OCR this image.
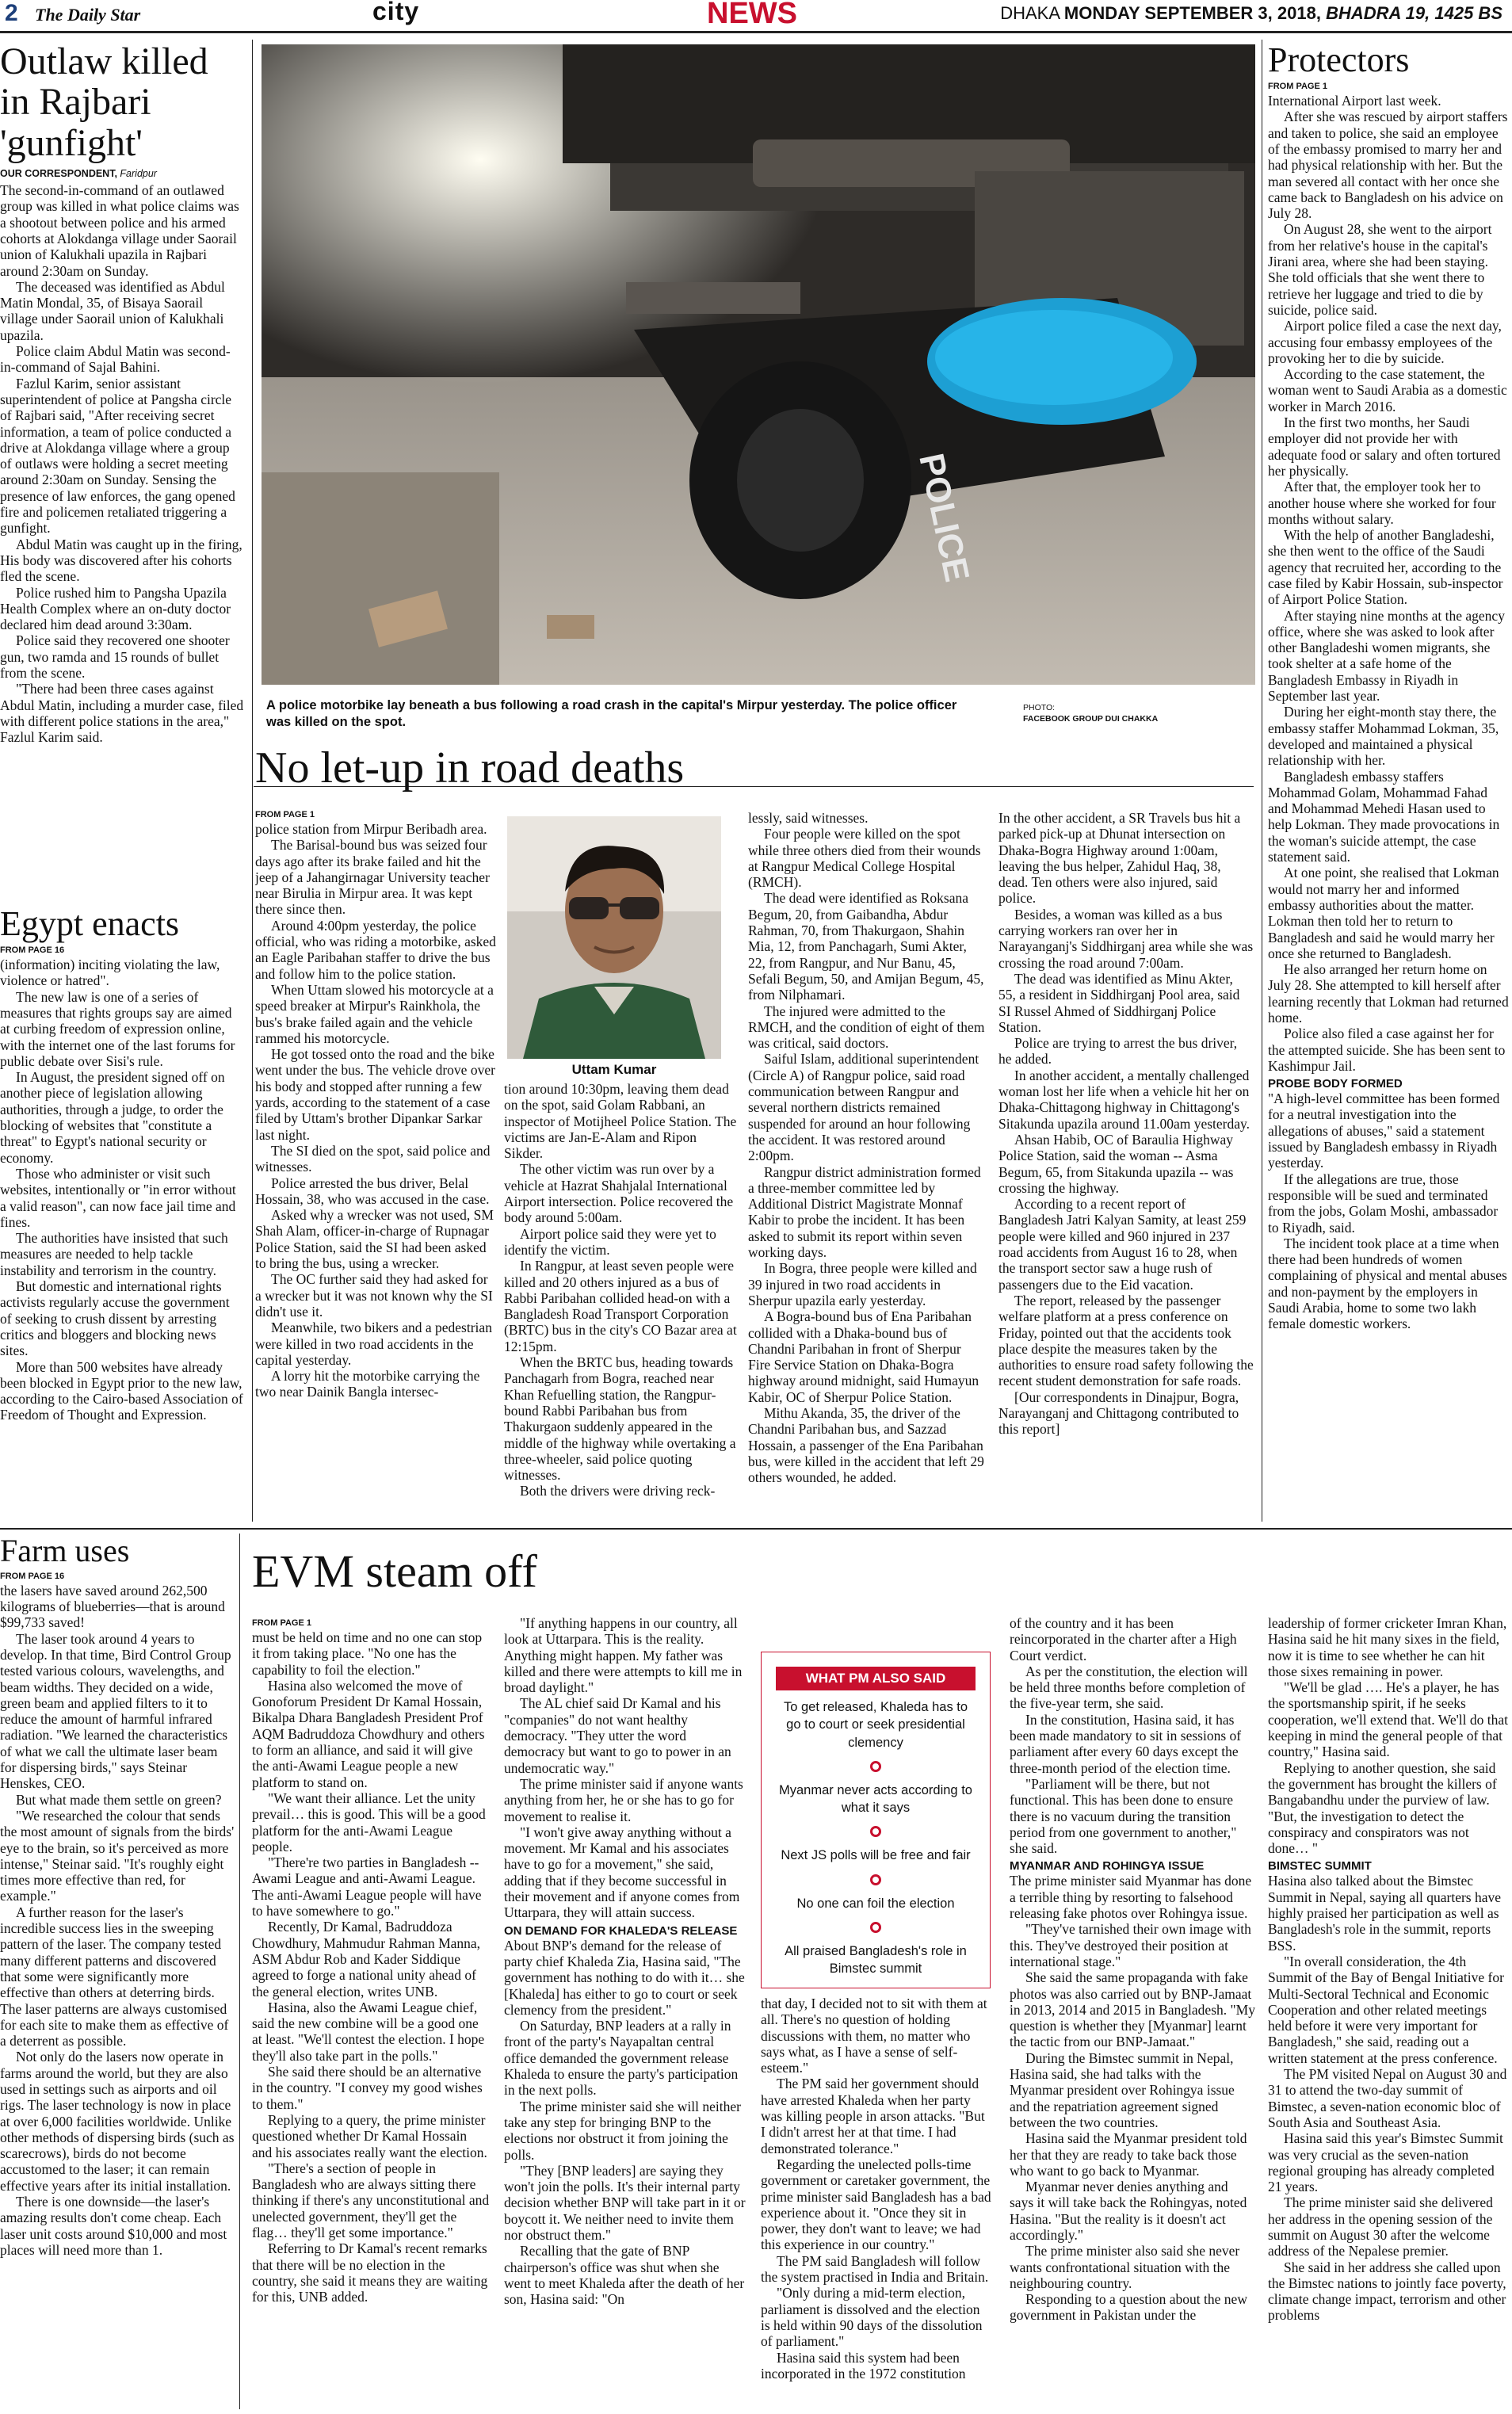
2 The Daily Star	city	NEWS	DHAKA MONDAY SEPTEMBER 3, 2018, BHADRA 19, 1425 BS
Outlaw killed in Rajbari 'gunfight'
OUR CORRESPONDENT, Faridpur

The second-in-command of an outlawed group was killed in what police claims was a shootout between police and his armed cohorts at Alokdanga village under Saorail union of Kalukhali upazila in Rajbari around 2:30am on Sunday.

The deceased was identified as Abdul Matin Mondal, 35, of Bisaya Saorail village under Saorail union of Kalukhali upazila.

Police claim Abdul Matin was second-in-command of Sajal Bahini.

Fazlul Karim, senior assistant superintendent of police at Pangsha circle of Rajbari said, "After receiving secret information, a team of police conducted a drive at Alokdanga village where a group of outlaws were holding a secret meeting around 2:30am on Sunday. Sensing the presence of law enforces, the gang opened fire and policemen retaliated triggering a gunfight.

Abdul Matin was caught up in the firing, His body was discovered after his cohorts fled the scene.

Police rushed him to Pangsha Upazila Health Complex where an on-duty doctor declared him dead around 3:30am.

Police said they recovered one shooter gun, two ramda and 15 rounds of bullet from the scene.

"There had been three cases against Abdul Matin, including a murder case, filed with different police stations in the area," Fazlul Karim said.

Egypt enacts
FROM PAGE 16

(information) inciting violating the law, violence or hatred".

The new law is one of a series of measures that rights groups say are aimed at curbing freedom of expression online, with the internet one of the last forums for public debate over Sisi's rule.

In August, the president signed off on another piece of legislation allowing authorities, through a judge, to order the blocking of websites that "constitute a threat" to Egypt's national security or economy.

Those who administer or visit such websites, intentionally or "in error without a valid reason", can now face jail time and fines.

The authorities have insisted that such measures are needed to help tackle instability and terrorism in the country.

But domestic and international rights activists regularly accuse the government of seeking to crush dissent by arresting critics and bloggers and blocking news sites.

More than 500 websites have already been blocked in Egypt prior to the new law, according to the Cairo-based Association of Freedom of Thought and Expression.

POLICE
A police motorbike lay beneath a bus following a road crash in the capital's Mirpur yesterday. The police officer was killed on the spot.
PHOTO:
FACEBOOK GROUP DUI CHAKKA
No let-up in road deaths
FROM PAGE 1

police station from Mirpur Beribadh area.

The Barisal-bound bus was seized four days ago after its brake failed and hit the jeep of a Jahangirnagar University teacher near Birulia in Mirpur area. It was kept there since then.

Around 4:00pm yesterday, the police official, who was riding a motorbike, asked an Eagle Paribahan staffer to drive the bus and follow him to the police station.

When Uttam slowed his motorcycle at a speed breaker at Mirpur's Rainkhola, the bus's brake failed again and the vehicle rammed his motorcycle.

He got tossed onto the road and the bike went under the bus. The vehicle drove over his body and stopped after running a few yards, according to the statement of a case filed by Uttam's brother Dipankar Sarkar last night.

The SI died on the spot, said police and witnesses.

Police arrested the bus driver, Belal Hossain, 38, who was accused in the case.

Asked why a wrecker was not used, SM Shah Alam, officer-in-charge of Rupnagar Police Station, said the SI had been asked to bring the bus, using a wrecker.

The OC further said they had asked for a wrecker but it was not known why the SI didn't use it.

Meanwhile, two bikers and a pedestrian were killed in two road accidents in the capital yesterday.

A lorry hit the motorbike carrying the two near Dainik Bangla intersec-

Uttam Kumar

tion around 10:30pm, leaving them dead on the spot, said Golam Rabbani, an inspector of Motijheel Police Station. The victims are Jan-E-Alam and Ripon Sikder.

The other victim was run over by a vehicle at Hazrat Shahjalal International Airport intersection. Police recovered the body around 5:00am.

Airport police said they were yet to identify the victim.

In Rangpur, at least seven people were killed and 20 others injured as a bus of Rabbi Paribahan collided head-on with a Bangladesh Road Transport Corporation (BRTC) bus in the city's CO Bazar area at 12:15pm.

When the BRTC bus, heading towards Panchagarh from Bogra, reached near Khan Refuelling station, the Rangpur-bound Rabbi Paribahan bus from Thakurgaon suddenly appeared in the middle of the highway while overtaking a three-wheeler, said police quoting witnesses.

Both the drivers were driving reck-

lessly, said witnesses.

Four people were killed on the spot while three others died from their wounds at Rangpur Medical College Hospital (RMCH).

The dead were identified as Roksana Begum, 20, from Gaibandha, Abdur Rahman, 70, from Thakurgaon, Shahin Mia, 12, from Panchagarh, Sumi Akter, 22, from Rangpur, and Nur Banu, 45, Sefali Begum, 50, and Amijan Begum, 45, from Nilphamari.

The injured were admitted to the RMCH, and the condition of eight of them was critical, said doctors.

Saiful Islam, additional superintendent (Circle A) of Rangpur police, said road communication between Rangpur and several northern districts remained suspended for around an hour following the accident. It was restored around 2:00pm.

Rangpur district administration formed a three-member committee led by Additional District Magistrate Monnaf Kabir to probe the incident. It has been asked to submit its report within seven working days.

In Bogra, three people were killed and 39 injured in two road accidents in Sherpur upazila early yesterday.

A Bogra-bound bus of Ena Paribahan collided with a Dhaka-bound bus of Chandni Paribahan in front of Sherpur Fire Service Station on Dhaka-Bogra highway around midnight, said Humayun Kabir, OC of Sherpur Police Station.

Mithu Akanda, 35, the driver of the Chandni Paribahan bus, and Sazzad Hossain, a passenger of the Ena Paribahan bus, were killed in the accident that left 29 others wounded, he added.

In the other accident, a SR Travels bus hit a parked pick-up at Dhunat intersection on Dhaka-Bogra Highway around 1:00am, leaving the bus helper, Zahidul Haq, 38, dead. Ten others were also injured, said police.

Besides, a woman was killed as a bus carrying workers ran over her in Narayanganj's Siddhirganj area while she was crossing the road around 7:00am.

The dead was identified as Minu Akter, 55, a resident in Siddhirganj Pool area, said SI Russel Ahmed of Siddhirganj Police Station.

Police are trying to arrest the bus driver, he added.

In another accident, a mentally challenged woman lost her life when a vehicle hit her on Dhaka-Chittagong highway in Chittagong's Sitakunda upazila around 11.00am yesterday.

Ahsan Habib, OC of Baraulia Highway Police Station, said the woman -- Asma Begum, 65, from Sitakunda upazila -- was crossing the highway.

According to a recent report of Bangladesh Jatri Kalyan Samity, at least 259 people were killed and 960 injured in 237 road accidents from August 16 to 28, when the transport sector saw a huge rush of passengers due to the Eid vacation.

The report, released by the passenger welfare platform at a press conference on Friday, pointed out that the accidents took place despite the measures taken by the authorities to ensure road safety following the recent student demonstration for safe roads.

[Our correspondents in Dinajpur, Bogra, Narayanganj and Chittagong contributed to this report]

Protectors
FROM PAGE 1

International Airport last week.

After she was rescued by airport staffers and taken to police, she said an employee of the embassy promised to marry her and had physical relationship with her. But the man severed all contact with her once she came back to Bangladesh on his advice on July 28.

On August 28, she went to the airport from her relative's house in the capital's Jirani area, where she had been staying. She told officials that she went there to retrieve her luggage and tried to die by suicide, police said.

Airport police filed a case the next day, accusing four embassy employees of the provoking her to die by suicide.

According to the case statement, the woman went to Saudi Arabia as a domestic worker in March 2016.

In the first two months, her Saudi employer did not provide her with adequate food or salary and often tortured her physically.

After that, the employer took her to another house where she worked for four months without salary.

With the help of another Bangladeshi, she then went to the office of the Saudi agency that recruited her, according to the case filed by Kabir Hossain, sub-inspector of Airport Police Station.

After staying nine months at the agency office, where she was asked to look after other Bangladeshi women migrants, she took shelter at a safe home of the Bangladesh Embassy in Riyadh in September last year.

During her eight-month stay there, the embassy staffer Mohammad Lokman, 35, developed and maintained a physical relationship with her.

Bangladesh embassy staffers Mohammad Golam, Mohammad Fahad and Mohammad Mehedi Hasan used to help Lokman. They made provocations in the woman's suicide attempt, the case statement said.

At one point, she realised that Lokman would not marry her and informed embassy authorities about the matter. Lokman then told her to return to Bangladesh and said he would marry her once she returned to Bangladesh.

He also arranged her return home on July 28. She attempted to kill herself after learning recently that Lokman had returned home.

Police also filed a case against her for the attempted suicide. She has been sent to Kashimpur Jail.

PROBE BODY FORMED

"A high-level committee has been formed for a neutral investigation into the allegations of abuses," said a statement issued by Bangladesh embassy in Riyadh yesterday.

If the allegations are true, those responsible will be sued and terminated from the jobs, Golam Moshi, ambassador to Riyadh, said.

The incident took place at a time when there had been hundreds of women complaining of physical and mental abuses and non-payment by the employers in Saudi Arabia, home to some two lakh female domestic workers.

Farm uses
FROM PAGE 16

the lasers have saved around 262,500 kilograms of blueberries—that is around $99,733 saved!

The laser took around 4 years to develop. In that time, Bird Control Group tested various colours, wavelengths, and beam widths. They decided on a wide, green beam and applied filters to it to reduce the amount of harmful infrared radiation. "We learned the characteristics of what we call the ultimate laser beam for dispersing birds," says Steinar Henskes, CEO.

But what made them settle on green?

"We researched the colour that sends the most amount of signals from the birds' eye to the brain, so it's perceived as more intense," Steinar said. "It's roughly eight times more effective than red, for example."

A further reason for the laser's incredible success lies in the sweeping pattern of the laser. The company tested many different patterns and discovered that some were significantly more effective than others at deterring birds. The laser patterns are always customised for each site to make them as effective of a deterrent as possible.

Not only do the lasers now operate in farms around the world, but they are also used in settings such as airports and oil rigs. The laser technology is now in place at over 6,000 facilities worldwide. Unlike other methods of dispersing birds (such as scarecrows), birds do not become accustomed to the laser; it can remain effective years after its initial installation.

There is one downside—the laser's amazing results don't come cheap. Each laser unit costs around $10,000 and most places will need more than 1.

EVM steam off
FROM PAGE 1

must be held on time and no one can stop it from taking place. "No one has the capability to foil the election."

Hasina also welcomed the move of Gonoforum President Dr Kamal Hossain, Bikalpa Dhara Bangladesh President Prof AQM Badruddoza Chowdhury and others to form an alliance, and said it will give the anti-Awami League people a new platform to stand on.

"We want their alliance. Let the unity prevail… this is good. This will be a good platform for the anti-Awami League people.

"There're two parties in Bangladesh -- Awami League and anti-Awami League. The anti-Awami League people will have to have somewhere to go."

Recently, Dr Kamal, Badruddoza Chowdhury, Mahmudur Rahman Manna, ASM Abdur Rob and Kader Siddique agreed to forge a national unity ahead of the general election, writes UNB.

Hasina, also the Awami League chief, said the new combine will be a good one at least. "We'll contest the election. I hope they'll also take part in the polls."

She said there should be an alternative in the country. "I convey my good wishes to them."

Replying to a query, the prime minister questioned whether Dr Kamal Hossain and his associates really want the election.

"There's a section of people in Bangladesh who are always sitting there thinking if there's any unconstitutional and unelected government, they'll get the flag… they'll get some importance."

Referring to Dr Kamal's recent remarks that there will be no election in the country, she said it means they are waiting for this, UNB added.

"If anything happens in our country, all look at Uttarpara. This is the reality. Anything might happen. My father was killed and there were attempts to kill me in broad daylight."

The AL chief said Dr Kamal and his "companies" do not want healthy democracy. "They utter the word democracy but want to go to power in an undemocratic way."

The prime minister said if anyone wants anything from her, he or she has to go for movement to realise it.

"I won't give away anything without a movement. Mr Kamal and his associates have to go for a movement," she said, adding that if they become successful in their movement and if anyone comes from Uttarpara, they will attain success.

ON DEMAND FOR KHALEDA'S RELEASE

About BNP's demand for the release of party chief Khaleda Zia, Hasina said, "The government has nothing to do with it… she [Khaleda] has either to go to court or seek clemency from the president."

On Saturday, BNP leaders at a rally in front of the party's Nayapaltan central office demanded the government release Khaleda to ensure the party's participation in the next polls.

The prime minister said she will neither take any step for bringing BNP to the elections nor obstruct it from joining the polls.

"They [BNP leaders] are saying they won't join the polls. It's their internal party decision whether BNP will take part in it or boycott it. We neither need to invite them nor obstruct them."

Recalling that the gate of BNP chairperson's office was shut when she went to meet Khaleda after the death of her son, Hasina said: "On

WHAT PM ALSO SAID
To get released, Khaleda has to go to court or seek presidential clemency
Myanmar never acts according to what it says
Next JS polls will be free and fair
No one can foil the election
All praised Bangladesh's role in Bimstec summit

that day, I decided not to sit with them at all. There's no question of holding discussions with them, no matter who says what, as I have a sense of self-esteem."

The PM said her government should have arrested Khaleda when her party was killing people in arson attacks. "But I didn't arrest her at that time. I had demonstrated tolerance."

Regarding the unelected polls-time government or caretaker government, the prime minister said Bangladesh has a bad experience about it. "Once they sit in power, they don't want to leave; we had this experience in our country."

The PM said Bangladesh will follow the system practised in India and Britain.

"Only during a mid-term election, parliament is dissolved and the election is held within 90 days of the dissolution of parliament."

Hasina said this system had been incorporated in the 1972 constitution

of the country and it has been reincorporated in the charter after a High Court verdict.

As per the constitution, the election will be held three months before completion of the five-year term, she said.

In the constitution, Hasina said, it has been made mandatory to sit in sessions of parliament after every 60 days except the three-month period of the election time.

"Parliament will be there, but not functional. This has been done to ensure there is no vacuum during the transition period from one government to another," she said.

MYANMAR AND ROHINGYA ISSUE

The prime minister said Myanmar has done a terrible thing by resorting to falsehood releasing fake photos over Rohingya issue.

"They've tarnished their own image with this. They've destroyed their position at international stage."

She said the same propaganda with fake photos was also carried out by BNP-Jamaat in 2013, 2014 and 2015 in Bangladesh. "My question is whether they [Myanmar] learnt the tactic from our BNP-Jamaat."

During the Bimstec summit in Nepal, Hasina said, she had talks with the Myanmar president over Rohingya issue and the repatriation agreement signed between the two countries.

Hasina said the Myanmar president told her that they are ready to take back those who want to go back to Myanmar.

Myanmar never denies anything and says it will take back the Rohingyas, noted Hasina. "But the reality is it doesn't act accordingly."

The prime minister also said she never wants confrontational situation with the neighbouring country.

Responding to a question about the new government in Pakistan under the

leadership of former cricketer Imran Khan, Hasina said he hit many sixes in the field, now it is time to see whether he can hit those sixes remaining in power.

"We'll be glad …. He's a player, he has the sportsmanship spirit, if he seeks cooperation, we'll extend that. We'll do that keeping in mind the general people of that country," Hasina said.

Replying to another question, she said the government has brought the killers of Bangabandhu under the purview of law. "But, the investigation to detect the conspiracy and conspirators was not done… "

BIMSTEC SUMMIT

Hasina also talked about the Bimstec Summit in Nepal, saying all quarters have highly praised her participation as well as Bangladesh's role in the summit, reports BSS.

"In overall consideration, the 4th Summit of the Bay of Bengal Initiative for Multi-Sectoral Technical and Economic Cooperation and other related meetings held before it were very important for Bangladesh," she said, reading out a written statement at the press conference.

The PM visited Nepal on August 30 and 31 to attend the two-day summit of Bimstec, a seven-nation economic bloc of South Asia and Southeast Asia.

Hasina said this year's Bimstec Summit was very crucial as the seven-nation regional grouping has already completed 21 years.

The prime minister said she delivered her address in the opening session of the summit on August 30 after the welcome address of the Nepalese premier.

She said in her address she called upon the Bimstec nations to jointly face poverty, climate change impact, terrorism and other problems
